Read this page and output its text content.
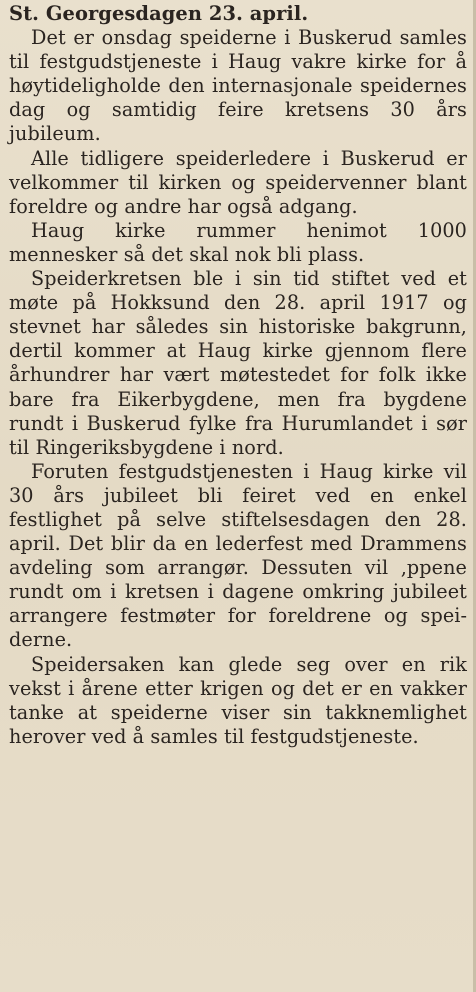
St. Georgesdagen 23. april.

Det er onsdag speiderne i Buskerud samles til festgudstjeneste i Haug vakre kirke for å høytideligholde den internasjonale speidernes dag og samtidig feire kretsens 30 års jubileum.

Alle tidligere speiderledere i Buskerud er velkommer til kirken og speidervenner blant foreldre og andre har også adgang.

Haug kirke rummer henimot 1000 mennesker så det skal nok bli plass.

Speiderkretsen ble i sin tid stiftet ved et møte på Hokksund den 28. april 1917 og stevnet har således sin historiske bakgrunn, dertil kommer at Haug kirke gjennom flere århundrer har vært møtestedet for folk ikke bare fra Eikerbygdene, men fra bygdene rundt i Buskerud fylke fra Hurumlandet i sør til Ringeriksbygdene i nord.

Foruten festgudstjenesten i Haug kirke vil 30 års jubileet bli feiret ved en enkel festlighet på selve stiftelsesdagen den 28. april. Det blir da en lederfest med Drammens avdeling som arrangør. Dessuten vil ‚ppene rundt om i kretsen i dagene omkring jubileet arrangere festmøter for foreldrene og speiderne.

Speidersaken kan glede seg over en rik vekst i årene etter krigen og det er en vakker tanke at speiderne viser sin takknemlighet herover ved å samles til festgudstjeneste.
